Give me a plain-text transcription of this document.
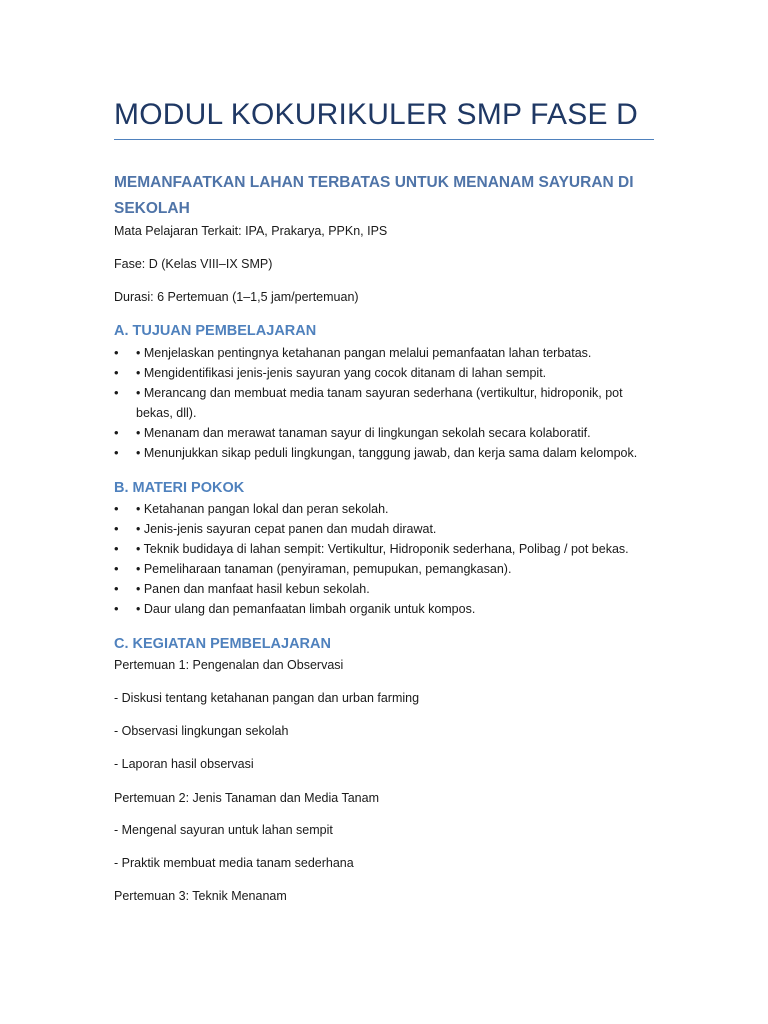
MODUL KOKURIKULER SMP FASE D
MEMANFAATKAN LAHAN TERBATAS UNTUK MENANAM SAYURAN DI SEKOLAH
Mata Pelajaran Terkait: IPA, Prakarya, PPKn, IPS
Fase: D (Kelas VIII–IX SMP)
Durasi: 6 Pertemuan (1–1,5 jam/pertemuan)
A. TUJUAN PEMBELAJARAN
• • Menjelaskan pentingnya ketahanan pangan melalui pemanfaatan lahan terbatas.
• • Mengidentifikasi jenis-jenis sayuran yang cocok ditanam di lahan sempit.
• • Merancang dan membuat media tanam sayuran sederhana (vertikultur, hidroponik, pot bekas, dll).
• • Menanam dan merawat tanaman sayur di lingkungan sekolah secara kolaboratif.
• • Menunjukkan sikap peduli lingkungan, tanggung jawab, dan kerja sama dalam kelompok.
B. MATERI POKOK
• • Ketahanan pangan lokal dan peran sekolah.
• • Jenis-jenis sayuran cepat panen dan mudah dirawat.
• • Teknik budidaya di lahan sempit: Vertikultur, Hidroponik sederhana, Polibag / pot bekas.
• • Pemeliharaan tanaman (penyiraman, pemupukan, pemangkasan).
• • Panen dan manfaat hasil kebun sekolah.
• • Daur ulang dan pemanfaatan limbah organik untuk kompos.
C. KEGIATAN PEMBELAJARAN
Pertemuan 1: Pengenalan dan Observasi
- Diskusi tentang ketahanan pangan dan urban farming
- Observasi lingkungan sekolah
- Laporan hasil observasi
Pertemuan 2: Jenis Tanaman dan Media Tanam
- Mengenal sayuran untuk lahan sempit
- Praktik membuat media tanam sederhana
Pertemuan 3: Teknik Menanam
